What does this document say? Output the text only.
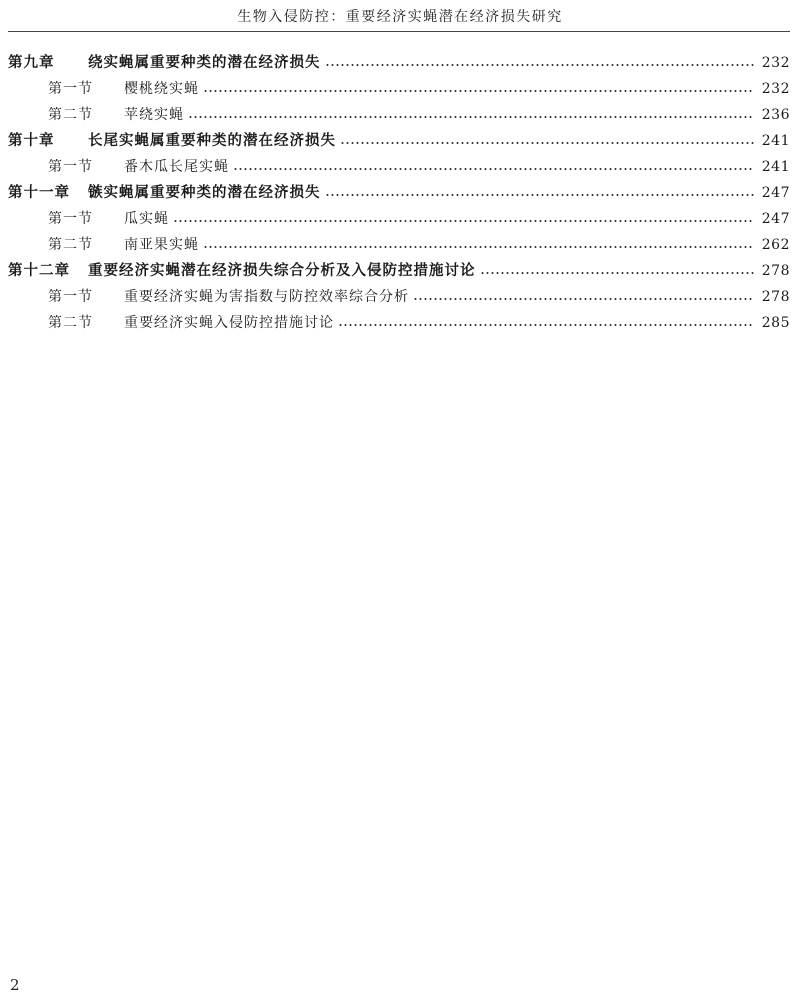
生物入侵防控：重要经济实蝇潜在经济损失研究
第九章	绕实蝇属重要种类的潜在经济损失	232
第一节	樱桃绕实蝇	232
第二节	苹绕实蝇	236
第十章	长尾实蝇属重要种类的潜在经济损失	241
第一节	番木瓜长尾实蝇	241
第十一章	镞实蝇属重要种类的潜在经济损失	247
第一节	瓜实蝇	247
第二节	南亚果实蝇	262
第十二章	重要经济实蝇潜在经济损失综合分析及入侵防控措施讨论	278
第一节	重要经济实蝇为害指数与防控效率综合分析	278
第二节	重要经济实蝇入侵防控措施讨论	285
2
